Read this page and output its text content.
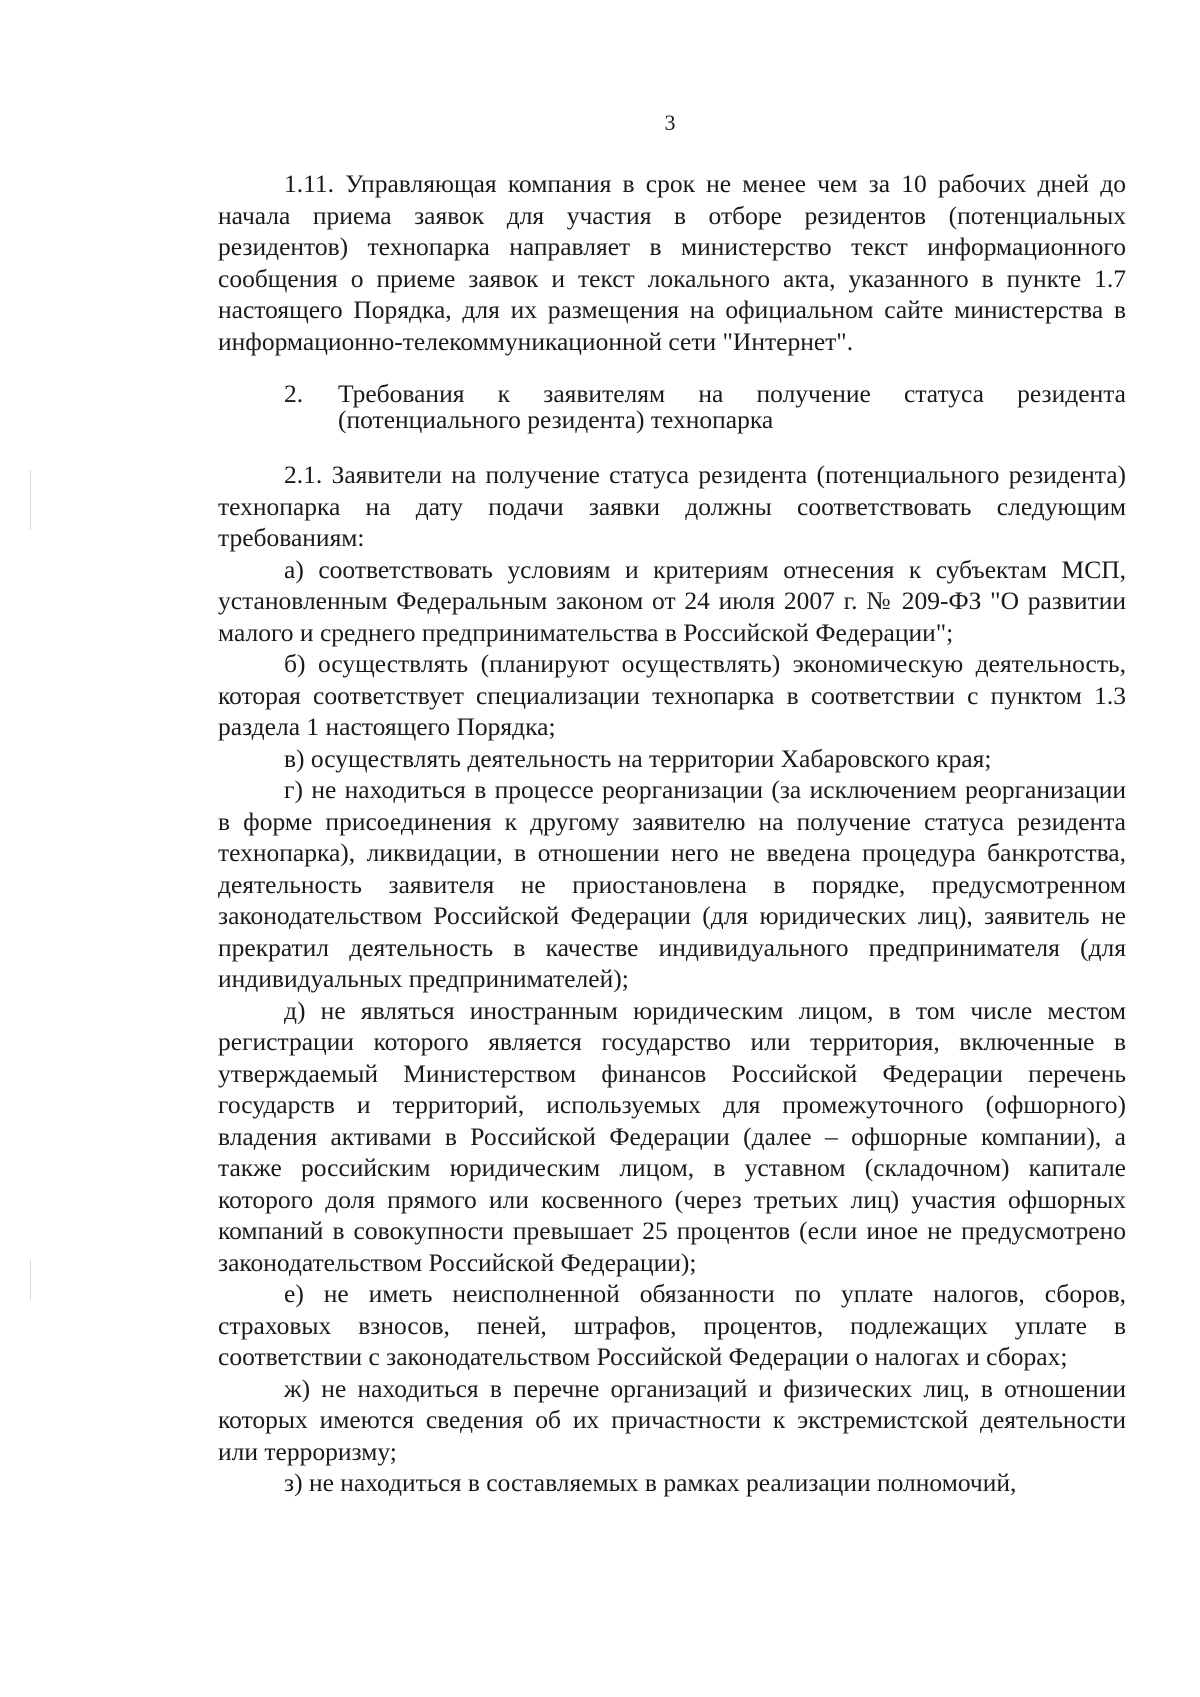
3

1.11. Управляющая компания в срок не менее чем за 10 рабочих дней до начала приема заявок для участия в отборе резидентов (потенциальных резидентов) технопарка направляет в министерство текст информационного сообщения о приеме заявок и текст локального акта, указанного в пункте 1.7 настоящего Порядка, для их размещения на официальном сайте министерства в информационно-телекоммуникационной сети "Интернет".

2.	Требования к заявителям на получение статуса резидента (потенциального резидента) технопарка

2.1. Заявители на получение статуса резидента (потенциального резидента) технопарка на дату подачи заявки должны соответствовать следующим требованиям:

а) соответствовать условиям и критериям отнесения к субъектам МСП, установленным Федеральным законом от 24 июля 2007 г. № 209-ФЗ "О развитии малого и среднего предпринимательства в Российской Федерации";

б) осуществлять (планируют осуществлять) экономическую деятельность, которая соответствует специализации технопарка в соответствии с пунктом 1.3 раздела 1 настоящего Порядка;

в) осуществлять деятельность на территории Хабаровского края;

г) не находиться в процессе реорганизации (за исключением реорганизации в форме присоединения к другому заявителю на получение статуса резидента технопарка), ликвидации, в отношении него не введена процедура банкротства, деятельность заявителя не приостановлена в порядке, предусмотренном законодательством Российской Федерации (для юридических лиц), заявитель не прекратил деятельность в качестве индивидуального предпринимателя (для индивидуальных предпринимателей);

д) не являться иностранным юридическим лицом, в том числе местом регистрации которого является государство или территория, включенные в утверждаемый Министерством финансов Российской Федерации перечень государств и территорий, используемых для промежуточного (офшорного) владения активами в Российской Федерации (далее – офшорные компании), а также российским юридическим лицом, в уставном (складочном) капитале которого доля прямого или косвенного (через третьих лиц) участия офшорных компаний в совокупности превышает 25 процентов (если иное не предусмотрено законодательством Российской Федерации);

е) не иметь неисполненной обязанности по уплате налогов, сборов, страховых взносов, пеней, штрафов, процентов, подлежащих уплате в соответствии с законодательством Российской Федерации о налогах и сборах;

ж) не находиться в перечне организаций и физических лиц, в отношении которых имеются сведения об их причастности к экстремистской деятельности или терроризму;

з) не находиться в составляемых в рамках реализации полномочий,
